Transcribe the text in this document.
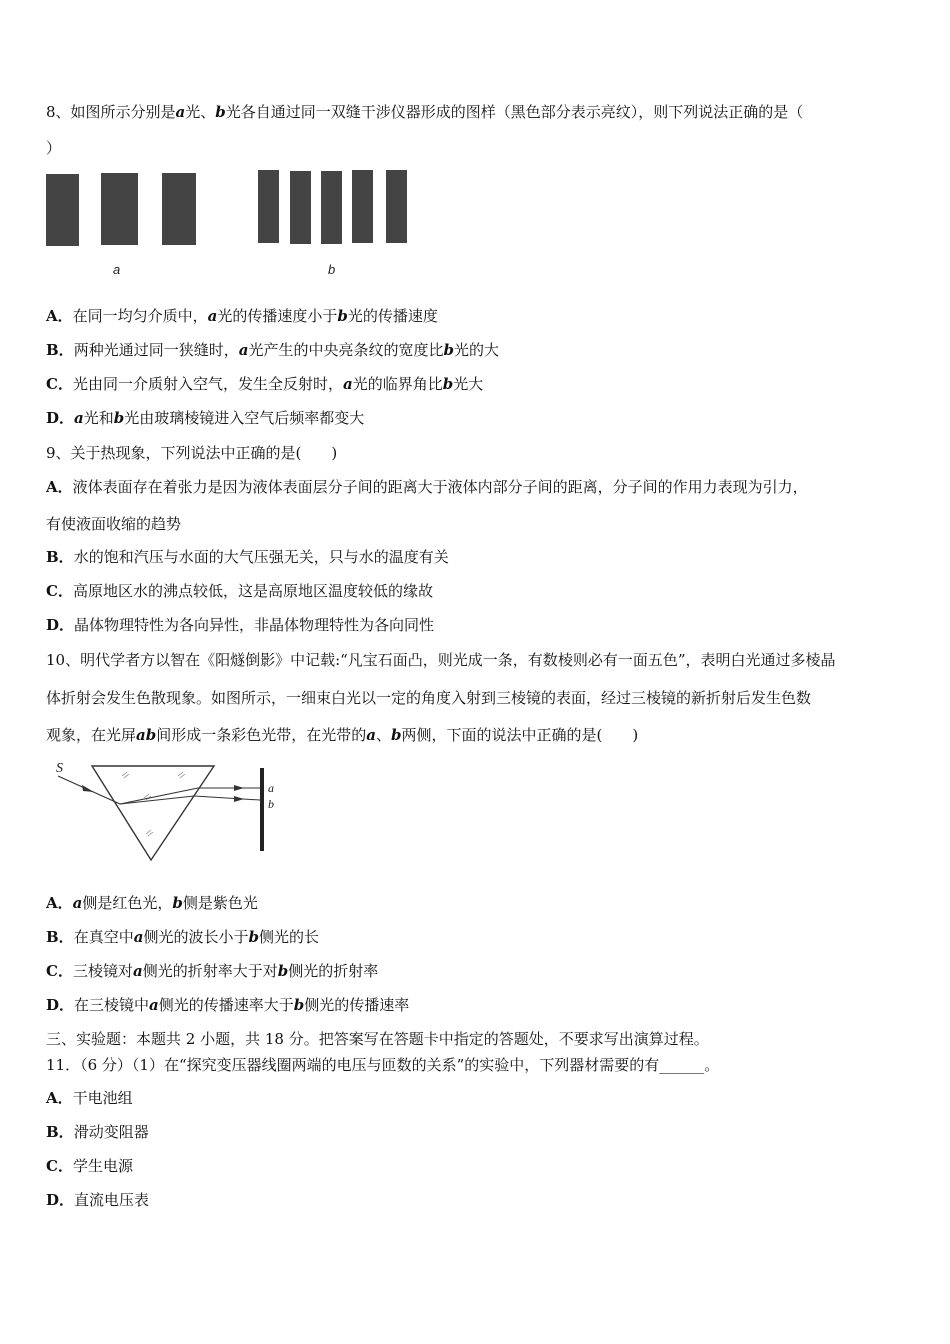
8、如图所示分别是a光、b光各自通过同一双缝干涉仪器形成的图样（黑色部分表示亮纹），则下列说法正确的是（
）
a	b
A．在同一均匀介质中，a光的传播速度小于b光的传播速度
B．两种光通过同一狭缝时，a光产生的中央亮条纹的宽度比b光的大
C．光由同一介质射入空气，发生全反射时，a光的临界角比b光大
D．a光和b光由玻璃棱镜进入空气后频率都变大
9、关于热现象，下列说法中正确的是(　　)
A．液体表面存在着张力是因为液体表面层分子间的距离大于液体内部分子间的距离，分子间的作用力表现为引力，
有使液面收缩的趋势
B．水的饱和汽压与水面的大气压强无关，只与水的温度有关
C．高原地区水的沸点较低，这是高原地区温度较低的缘故
D．晶体物理特性为各向异性，非晶体物理特性为各向同性
10、明代学者方以智在《阳燧倒影》中记载:“凡宝石面凸，则光成一条，有数棱则必有一面五色”，表明白光通过多棱晶
体折射会发生色散现象。如图所示，一细束白光以一定的角度入射到三棱镜的表面，经过三棱镜的新折射后发生色数
观象，在光屏ab间形成一条彩色光带，在光带的a、b两侧，下面的说法中正确的是(　　)
S
a
b
A．a侧是红色光，b侧是紫色光
B．在真空中a侧光的波长小于b侧光的长
C．三棱镜对a侧光的折射率大于对b侧光的折射率
D．在三棱镜中a侧光的传播速率大于b侧光的传播速率
三、实验题：本题共 2 小题，共 18 分。把答案写在答题卡中指定的答题处，不要求写出演算过程。
11．（6 分）（1）在“探究变压器线圈两端的电压与匝数的关系”的实验中，下列器材需要的有______。
A．干电池组
B．滑动变阻器
C．学生电源
D．直流电压表
